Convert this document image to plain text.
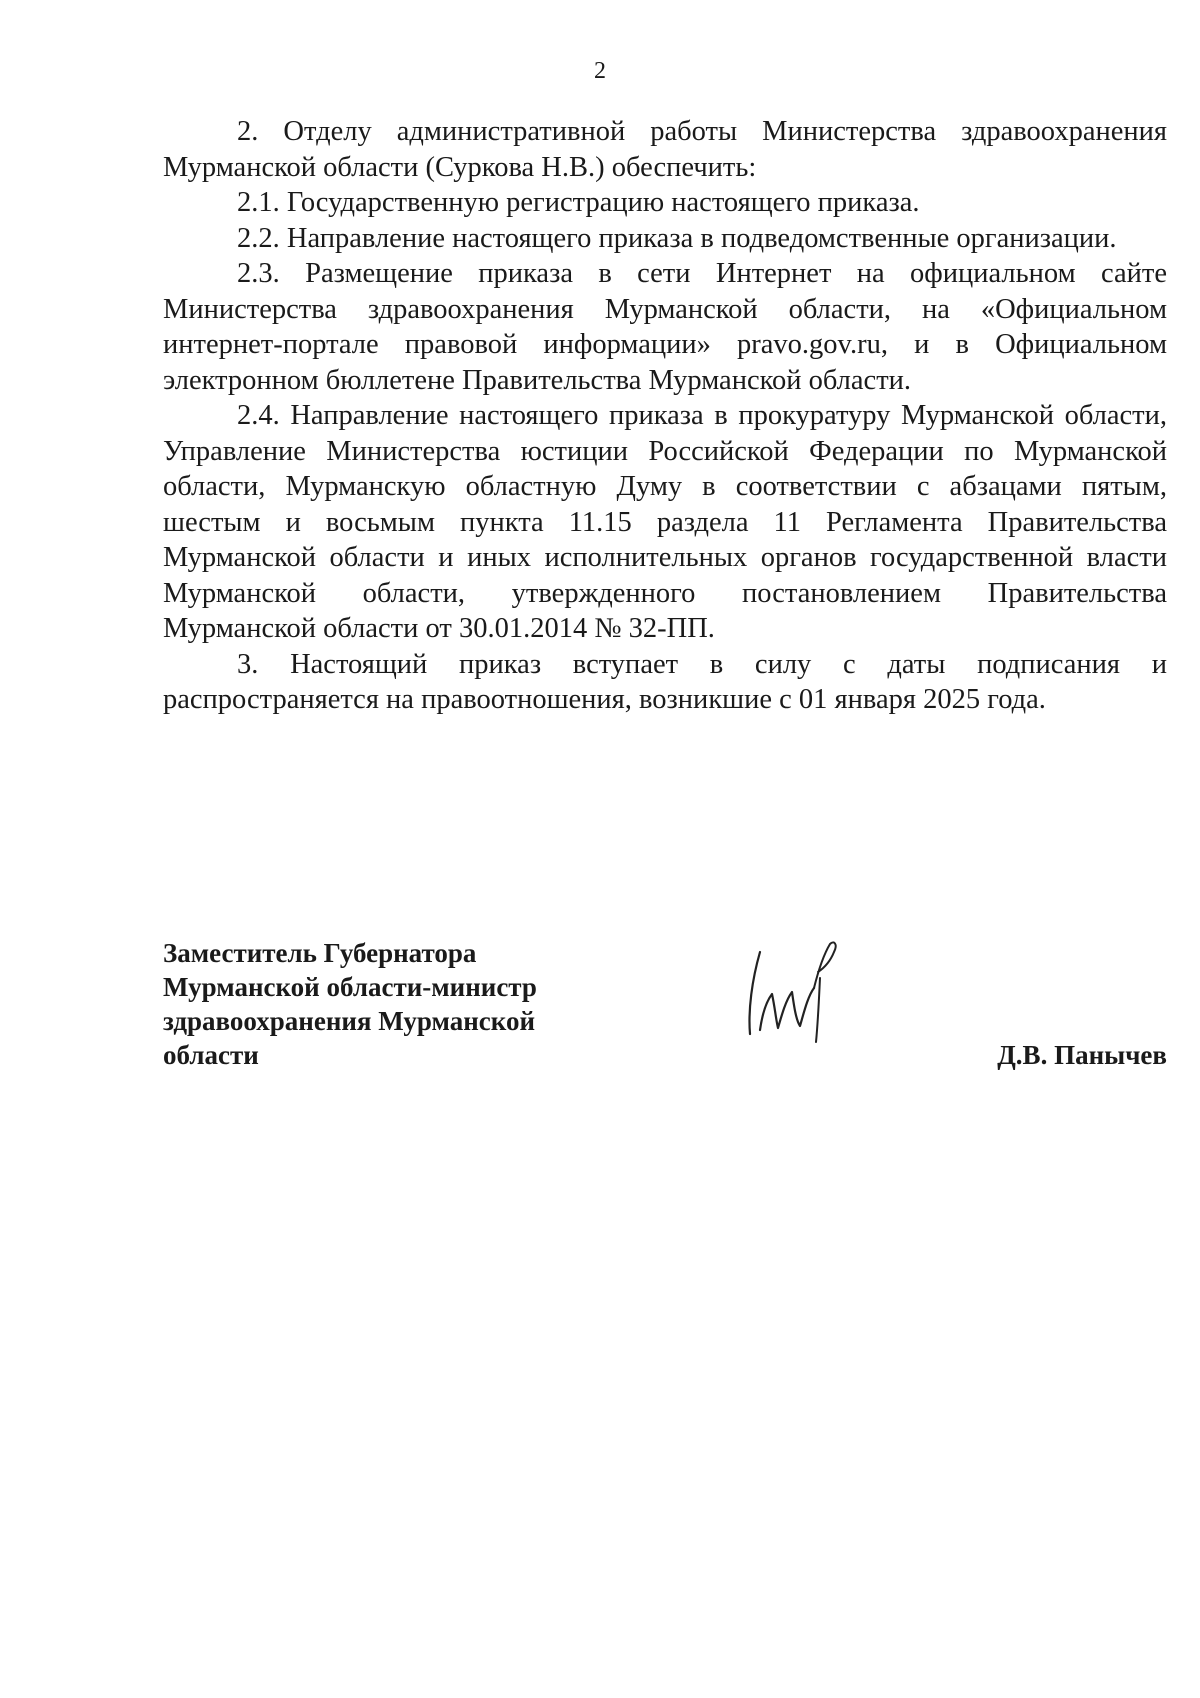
2

2. Отделу административной работы Министерства здравоохранения Мурманской области (Суркова Н.В.) обеспечить:

2.1. Государственную регистрацию настоящего приказа.

2.2. Направление настоящего приказа в подведомственные организации.

2.3. Размещение приказа в сети Интернет на официальном сайте Министерства здравоохранения Мурманской области, на «Официальном интернет-портале правовой информации» pravo.gov.ru, и в Официальном электронном бюллетене Правительства Мурманской области.

2.4. Направление настоящего приказа в прокуратуру Мурманской области, Управление Министерства юстиции Российской Федерации по Мурманской области, Мурманскую областную Думу в соответствии с абзацами пятым, шестым и восьмым пункта 11.15 раздела 11 Регламента Правительства Мурманской области и иных исполнительных органов государственной власти Мурманской области, утвержденного постановлением Правительства Мурманской области от 30.01.2014 № 32-ПП.

3. Настоящий приказ вступает в силу с даты подписания и распространяется на правоотношения, возникшие с 01 января 2025 года.

Заместитель Губернатора
Мурманской области-министр
здравоохранения Мурманской
области	Д.В. Панычев
